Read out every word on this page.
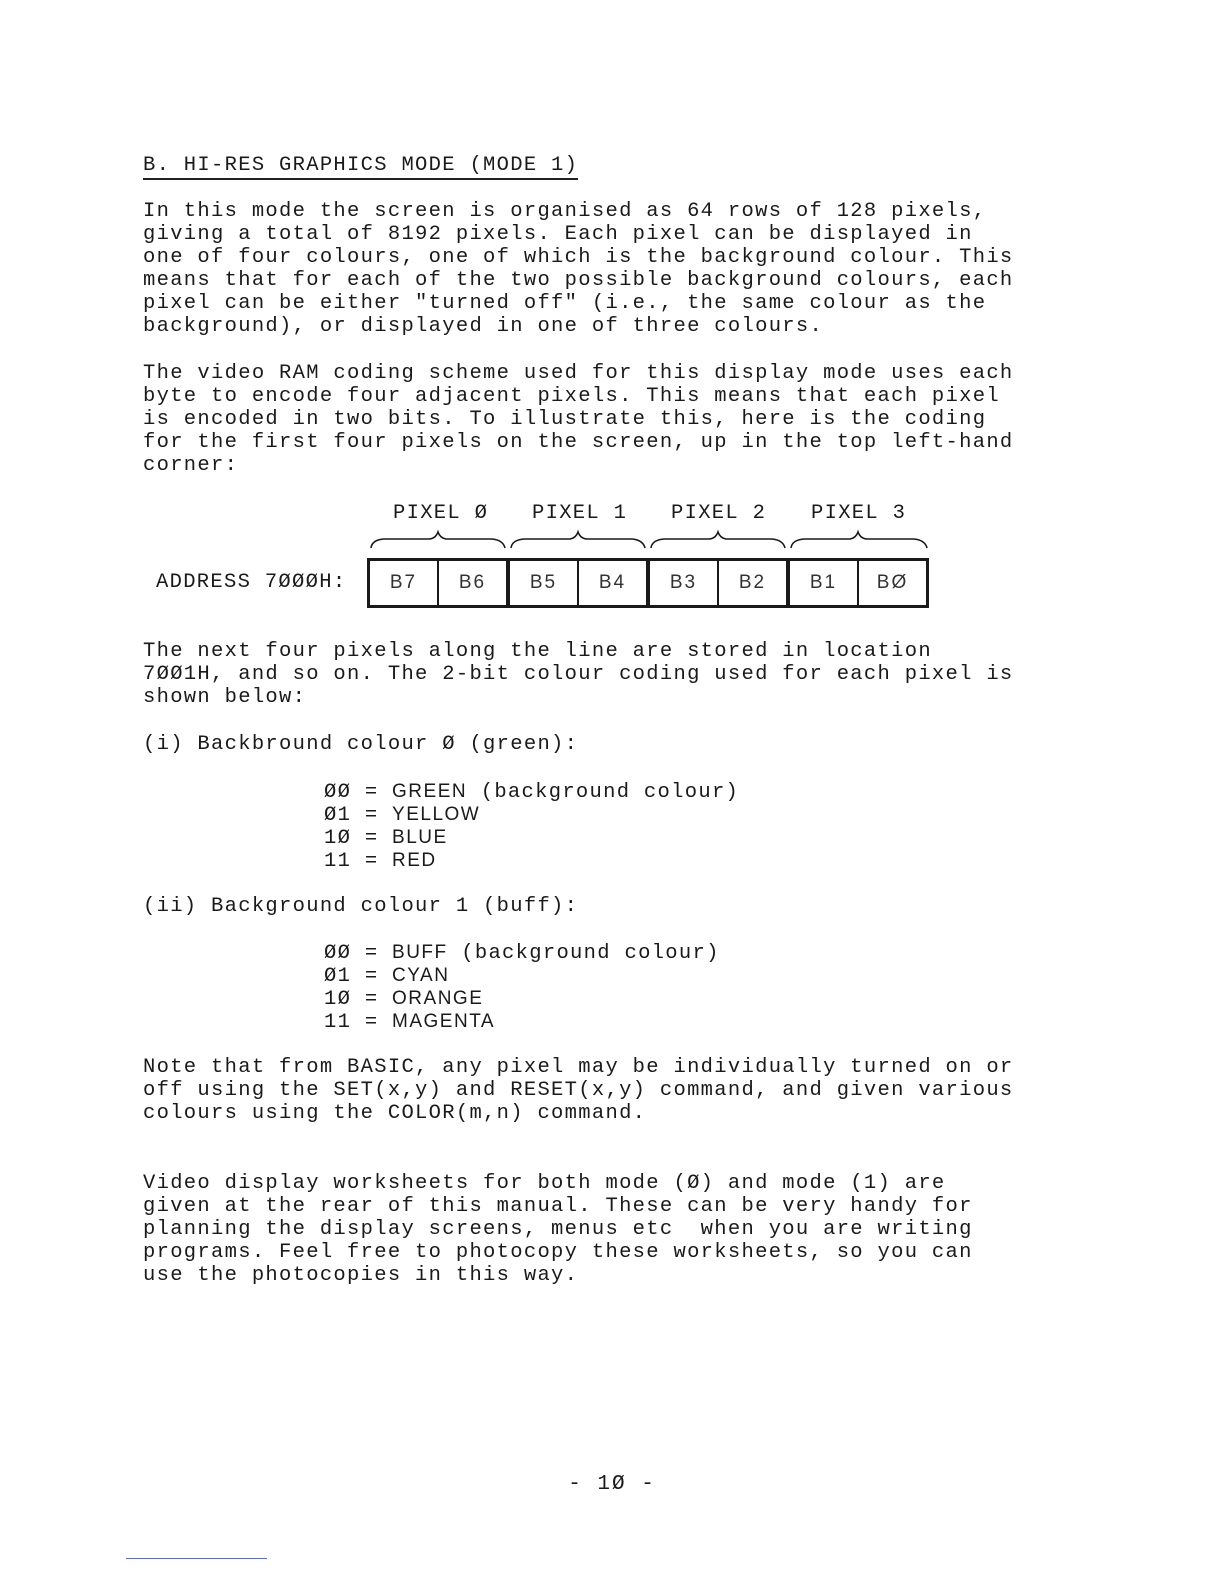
B. HI-RES GRAPHICS MODE (MODE 1)

In this mode the screen is organised as 64 rows of 128 pixels,
giving a total of 8192 pixels. Each pixel can be displayed in
one of four colours, one of which is the background colour. This
means that for each of the two possible background colours, each
pixel can be either "turned off" (i.e., the same colour as the
background), or displayed in one of three colours.

The video RAM coding scheme used for this display mode uses each
byte to encode four adjacent pixels. This means that each pixel
is encoded in two bits. To illustrate this, here is the coding
for the first four pixels on the screen, up in the top left-hand
corner:

PIXEL Ø PIXEL 1 PIXEL 2 PIXEL 3
ADDRESS 7ØØØH:	B7	B6	B5	B4	B3	B2	B1	BØ

The next four pixels along the line are stored in location
7ØØ1H, and so on. The 2-bit colour coding used for each pixel is
shown below:

(i) Backbround colour Ø (green):

ØØ = GREEN (background colour)
Ø1 = YELLOW
1Ø = BLUE
11 = RED

(ii) Background colour 1 (buff):

ØØ = BUFF (background colour)
Ø1 = CYAN
1Ø = ORANGE
11 = MAGENTA

Note that from BASIC, any pixel may be individually turned on or
off using the SET(x,y) and RESET(x,y) command, and given various
colours using the COLOR(m,n) command.

Video display worksheets for both mode (Ø) and mode (1) are
given at the rear of this manual. These can be very handy for
planning the display screens, menus etc  when you are writing
programs. Feel free to photocopy these worksheets, so you can
use the photocopies in this way.

- 1Ø -
